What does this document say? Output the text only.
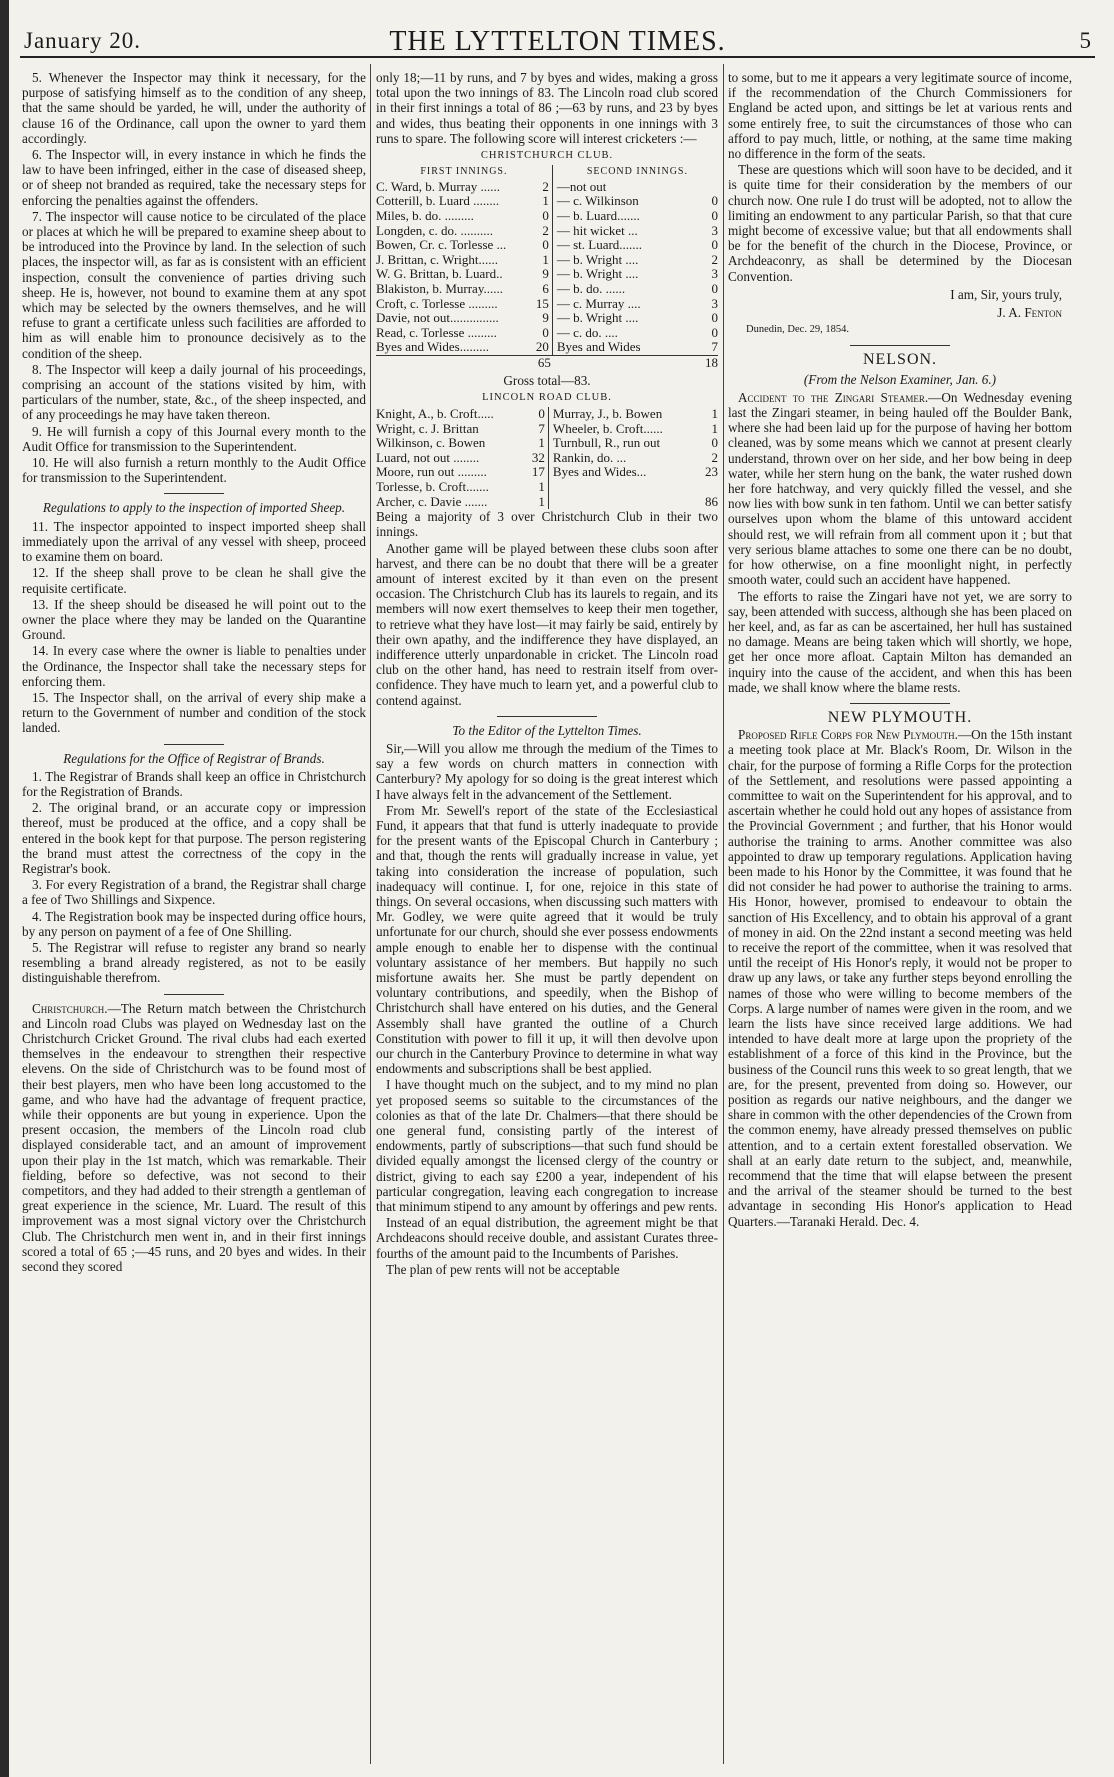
January 20.	THE LYTTELTON TIMES.	5

5. Whenever the Inspector may think it necessary, for the purpose of satisfying himself as to the condition of any sheep, that the same should be yarded, he will, under the authority of clause 16 of the Ordinance, call upon the owner to yard them accordingly.

6. The Inspector will, in every instance in which he finds the law to have been infringed, either in the case of diseased sheep, or of sheep not branded as required, take the necessary steps for enforcing the penalties against the offenders.

7. The inspector will cause notice to be circulated of the place or places at which he will be prepared to examine sheep about to be introduced into the Province by land. In the selection of such places, the inspector will, as far as is consistent with an efficient inspection, consult the convenience of parties driving such sheep. He is, however, not bound to examine them at any spot which may be selected by the owners themselves, and he will refuse to grant a certificate unless such facilities are afforded to him as will enable him to pronounce decisively as to the condition of the sheep.

8. The Inspector will keep a daily journal of his proceedings, comprising an account of the stations visited by him, with particulars of the number, state, &c., of the sheep inspected, and of any proceedings he may have taken thereon.

9. He will furnish a copy of this Journal every month to the Audit Office for transmission to the Superintendent.

10. He will also furnish a return monthly to the Audit Office for transmission to the Superintendent.

Regulations to apply to the inspection of imported Sheep.

11. The inspector appointed to inspect imported sheep shall immediately upon the arrival of any vessel with sheep, proceed to examine them on board.

12. If the sheep shall prove to be clean he shall give the requisite certificate.

13. If the sheep should be diseased he will point out to the owner the place where they may be landed on the Quarantine Ground.

14. In every case where the owner is liable to penalties under the Ordinance, the Inspector shall take the necessary steps for enforcing them.

15. The Inspector shall, on the arrival of every ship make a return to the Government of number and condition of the stock landed.

Regulations for the Office of Registrar of Brands.

1. The Registrar of Brands shall keep an office in Christchurch for the Registration of Brands.

2. The original brand, or an accurate copy or impression thereof, must be produced at the office, and a copy shall be entered in the book kept for that purpose. The person registering the brand must attest the correctness of the copy in the Registrar's book.

3. For every Registration of a brand, the Registrar shall charge a fee of Two Shillings and Sixpence.

4. The Registration book may be inspected during office hours, by any person on payment of a fee of One Shilling.

5. The Registrar will refuse to register any brand so nearly resembling a brand already registered, as not to be easily distinguishable therefrom.

Christchurch.—The Return match between the Christchurch and Lincoln road Clubs was played on Wednesday last on the Christchurch Cricket Ground. The rival clubs had each exerted themselves in the endeavour to strengthen their respective elevens. On the side of Christchurch was to be found most of their best players, men who have been long accustomed to the game, and who have had the advantage of frequent practice, while their opponents are but young in experience. Upon the present occasion, the members of the Lincoln road club displayed considerable tact, and an amount of improvement upon their play in the 1st match, which was remarkable. Their fielding, before so defective, was not second to their competitors, and they had added to their strength a gentleman of great experience in the science, Mr. Luard. The result of this improvement was a most signal victory over the Christchurch Club. The Christchurch men went in, and in their first innings scored a total of 65 ;—45 runs, and 20 byes and wides. In their second they scored

only 18;—11 by runs, and 7 by byes and wides, making a gross total upon the two innings of 83. The Lincoln road club scored in their first innings a total of 86 ;—63 by runs, and 23 by byes and wides, thus beating their opponents in one innings with 3 runs to spare. The following score will interest cricketers :—

CHRISTCHURCH CLUB.
FIRST INNINGS.		SECOND INNINGS.	
C. Ward, b. Murray ......	2	—not out	
Cotterill, b. Luard ........	1	— c. Wilkinson	0
Miles, b. do. .........	0	— b. Luard.......	0
Longden, c. do. ..........	2	— hit wicket ...	3
Bowen, Cr. c. Torlesse ...	0	— st. Luard.......	0
J. Brittan, c. Wright......	1	— b. Wright ....	2
W. G. Brittan, b. Luard..	9	— b. Wright ....	3
Blakiston, b. Murray......	6	— b. do. ......	0
Croft, c. Torlesse .........	15	— c. Murray ....	3
Davie, not out...............	9	— b. Wright ....	0
Read, c. Torlesse .........	0	— c. do. ....	0
Byes and Wides.........	20	Byes and Wides	7
65	18
Gross total—83.
LINCOLN ROAD CLUB.
Knight, A., b. Croft.....	0	Murray, J., b. Bowen	1
Wright, c. J. Brittan	7	Wheeler, b. Croft......	1
Wilkinson, c. Bowen	1	Turnbull, R., run out	0
Luard, not out ........	32	Rankin, do. ...	2
Moore, run out .........	17	Byes and Wides...	23
Torlesse, b. Croft.......	1		
Archer, c. Davie .......	1		86

Being a majority of 3 over Christchurch Club in their two innings.

Another game will be played between these clubs soon after harvest, and there can be no doubt that there will be a greater amount of interest excited by it than even on the present occasion. The Christchurch Club has its laurels to regain, and its members will now exert themselves to keep their men together, to retrieve what they have lost—it may fairly be said, entirely by their own apathy, and the indifference they have displayed, an indifference utterly unpardonable in cricket. The Lincoln road club on the other hand, has need to restrain itself from over-confidence. They have much to learn yet, and a powerful club to contend against.

To the Editor of the Lyttelton Times.

Sir,—Will you allow me through the medium of the Times to say a few words on church matters in connection with Canterbury? My apology for so doing is the great interest which I have always felt in the advancement of the Settlement.

From Mr. Sewell's report of the state of the Ecclesiastical Fund, it appears that that fund is utterly inadequate to provide for the present wants of the Episcopal Church in Canterbury ; and that, though the rents will gradually increase in value, yet taking into consideration the increase of population, such inadequacy will continue. I, for one, rejoice in this state of things. On several occasions, when discussing such matters with Mr. Godley, we were quite agreed that it would be truly unfortunate for our church, should she ever possess endowments ample enough to enable her to dispense with the continual voluntary assistance of her members. But happily no such misfortune awaits her. She must be partly dependent on voluntary contributions, and speedily, when the Bishop of Christchurch shall have entered on his duties, and the General Assembly shall have granted the outline of a Church Constitution with power to fill it up, it will then devolve upon our church in the Canterbury Province to determine in what way endowments and subscriptions shall be best applied.

I have thought much on the subject, and to my mind no plan yet proposed seems so suitable to the circumstances of the colonies as that of the late Dr. Chalmers—that there should be one general fund, consisting partly of the interest of endowments, partly of subscriptions—that such fund should be divided equally amongst the licensed clergy of the country or district, giving to each say £200 a year, independent of his particular congregation, leaving each congregation to increase that minimum stipend to any amount by offerings and pew rents.

Instead of an equal distribution, the agreement might be that Archdeacons should receive double, and assistant Curates three-fourths of the amount paid to the Incumbents of Parishes.

The plan of pew rents will not be acceptable

to some, but to me it appears a very legitimate source of income, if the recommendation of the Church Commissioners for England be acted upon, and sittings be let at various rents and some entirely free, to suit the circumstances of those who can afford to pay much, little, or nothing, at the same time making no difference in the form of the seats.

These are questions which will soon have to be decided, and it is quite time for their consideration by the members of our church now. One rule I do trust will be adopted, not to allow the limiting an endowment to any particular Parish, so that that cure might become of excessive value; but that all endowments shall be for the benefit of the church in the Diocese, Province, or Archdeaconry, as shall be determined by the Diocesan Convention.

I am, Sir, yours truly,
J. A. Fenton
Dunedin, Dec. 29, 1854.
NELSON.

(From the Nelson Examiner, Jan. 6.)

Accident to the Zingari Steamer.—On Wednesday evening last the Zingari steamer, in being hauled off the Boulder Bank, where she had been laid up for the purpose of having her bottom cleaned, was by some means which we cannot at present clearly understand, thrown over on her side, and her bow being in deep water, while her stern hung on the bank, the water rushed down her fore hatchway, and very quickly filled the vessel, and she now lies with bow sunk in ten fathom. Until we can better satisfy ourselves upon whom the blame of this untoward accident should rest, we will refrain from all comment upon it ; but that very serious blame attaches to some one there can be no doubt, for how otherwise, on a fine moonlight night, in perfectly smooth water, could such an accident have happened.

The efforts to raise the Zingari have not yet, we are sorry to say, been attended with success, although she has been placed on her keel, and, as far as can be ascertained, her hull has sustained no damage. Means are being taken which will shortly, we hope, get her once more afloat. Captain Milton has demanded an inquiry into the cause of the accident, and when this has been made, we shall know where the blame rests.

NEW PLYMOUTH.

Proposed Rifle Corps for New Plymouth.—On the 15th instant a meeting took place at Mr. Black's Room, Dr. Wilson in the chair, for the purpose of forming a Rifle Corps for the protection of the Settlement, and resolutions were passed appointing a committee to wait on the Superintendent for his approval, and to ascertain whether he could hold out any hopes of assistance from the Provincial Government ; and further, that his Honor would authorise the training to arms. Another committee was also appointed to draw up temporary regulations. Application having been made to his Honor by the Committee, it was found that he did not consider he had power to authorise the training to arms. His Honor, however, promised to endeavour to obtain the sanction of His Excellency, and to obtain his approval of a grant of money in aid. On the 22nd instant a second meeting was held to receive the report of the committee, when it was resolved that until the receipt of His Honor's reply, it would not be proper to draw up any laws, or take any further steps beyond enrolling the names of those who were willing to become members of the Corps. A large number of names were given in the room, and we learn the lists have since received large additions. We had intended to have dealt more at large upon the propriety of the establishment of a force of this kind in the Province, but the business of the Council runs this week to so great length, that we are, for the present, prevented from doing so. However, our position as regards our native neighbours, and the danger we share in common with the other dependencies of the Crown from the common enemy, have already pressed themselves on public attention, and to a certain extent forestalled observation. We shall at an early date return to the subject, and, meanwhile, recommend that the time that will elapse between the present and the arrival of the steamer should be turned to the best advantage in seconding His Honor's application to Head Quarters.—Taranaki Herald. Dec. 4.
